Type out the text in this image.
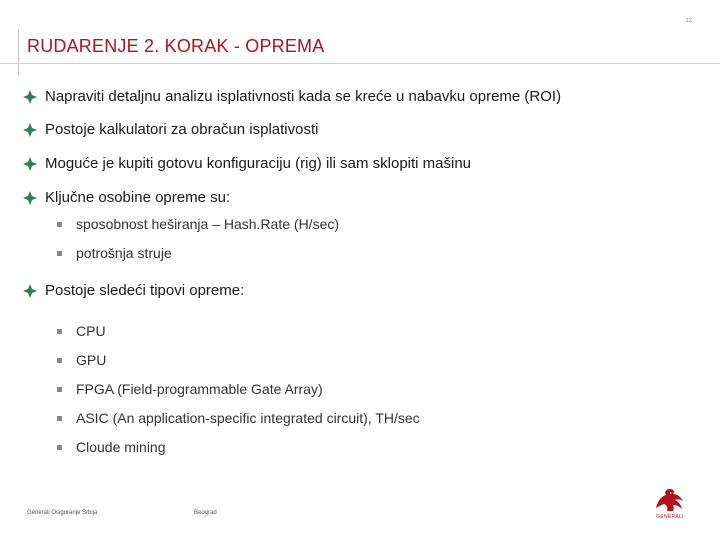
12
RUDARENJE 2. KORAK - OPREMA
Napraviti detaljnu analizu isplativnosti kada se kreće u nabavku opreme (ROI)
Postoje kalkulatori za obračun isplativosti
Moguće je kupiti gotovu konfiguraciju (rig) ili sam sklopiti mašinu
Ključne osobine opreme su:
sposobnost heširanja – Hash.Rate (H/sec)
potrošnja struje
Postoje sledeći tipovi opreme:
CPU
GPU
FPGA (Field-programmable Gate Array)
ASIC (An application-specific integrated circuit), TH/sec
Cloude mining
Generali Osiguranje Srbija	Beograd
GENERALI
